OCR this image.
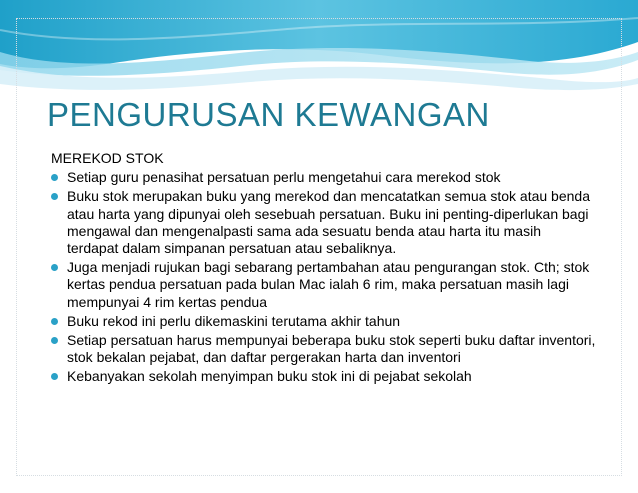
PENGURUSAN KEWANGAN
MEREKOD STOK
Setiap guru penasihat persatuan perlu mengetahui cara merekod stok
Buku stok merupakan buku yang merekod dan mencatatkan semua stok atau benda atau harta yang dipunyai oleh sesebuah persatuan. Buku ini penting-diperlukan bagi mengawal dan mengenalpasti sama ada sesuatu benda atau harta itu masih terdapat dalam simpanan persatuan atau sebaliknya.
Juga menjadi rujukan bagi sebarang pertambahan atau pengurangan stok. Cth; stok kertas pendua persatuan pada bulan Mac ialah 6 rim, maka persatuan masih lagi mempunyai 4 rim kertas pendua
Buku rekod ini perlu dikemaskini terutama akhir tahun
Setiap persatuan harus mempunyai beberapa buku stok seperti buku daftar inventori, stok bekalan pejabat, dan daftar pergerakan harta dan inventori
Kebanyakan sekolah menyimpan buku stok ini di pejabat sekolah
